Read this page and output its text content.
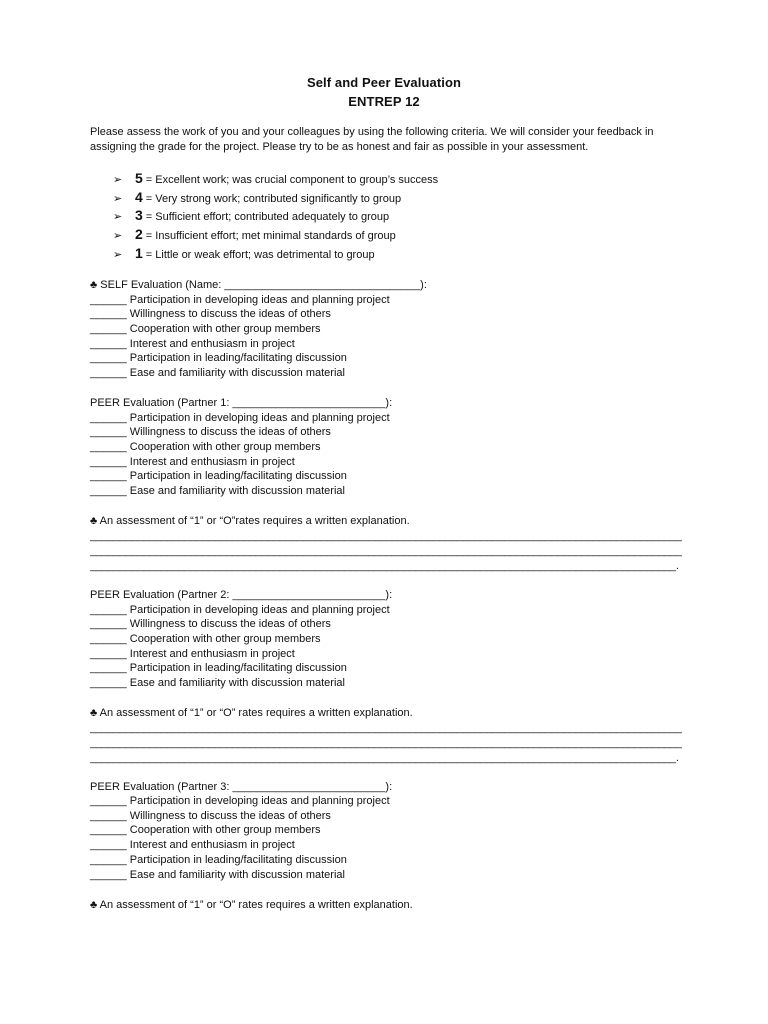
Self and Peer Evaluation
ENTREP 12
Please assess the work of you and your colleagues by using the following criteria. We will consider your feedback in assigning the grade for the project. Please try to be as honest and fair as possible in your assessment.
➢ 5 = Excellent work; was crucial component to group’s success
➢ 4 = Very strong work; contributed significantly to group
➢ 3 = Sufficient effort; contributed adequately to group
➢ 2 = Insufficient effort; met minimal standards of group
➢ 1 = Little or weak effort; was detrimental to group
♣ SELF Evaluation (Name: ________________________________):
______ Participation in developing ideas and planning project
______ Willingness to discuss the ideas of others
______ Cooperation with other group members
______ Interest and enthusiasm in project
______ Participation in leading/facilitating discussion
______ Ease and familiarity with discussion material
PEER Evaluation (Partner 1: _________________________):
______ Participation in developing ideas and planning project
______ Willingness to discuss the ideas of others
______ Cooperation with other group members
______ Interest and enthusiasm in project
______ Participation in leading/facilitating discussion
______ Ease and familiarity with discussion material
♣ An assessment of “1” or “O”rates requires a written explanation.
____________________________________________________________________________________________________
____________________________________________________________________________________________________
___________________________________________________________________________________________________.
PEER Evaluation (Partner 2: _________________________):
______ Participation in developing ideas and planning project
______ Willingness to discuss the ideas of others
______ Cooperation with other group members
______ Interest and enthusiasm in project
______ Participation in leading/facilitating discussion
______ Ease and familiarity with discussion material
♣ An assessment of “1” or “O” rates requires a written explanation.
____________________________________________________________________________________________________
____________________________________________________________________________________________________
___________________________________________________________________________________________________.
PEER Evaluation (Partner 3: _________________________):
______ Participation in developing ideas and planning project
______ Willingness to discuss the ideas of others
______ Cooperation with other group members
______ Interest and enthusiasm in project
______ Participation in leading/facilitating discussion
______ Ease and familiarity with discussion material
♣ An assessment of “1” or “O” rates requires a written explanation.
